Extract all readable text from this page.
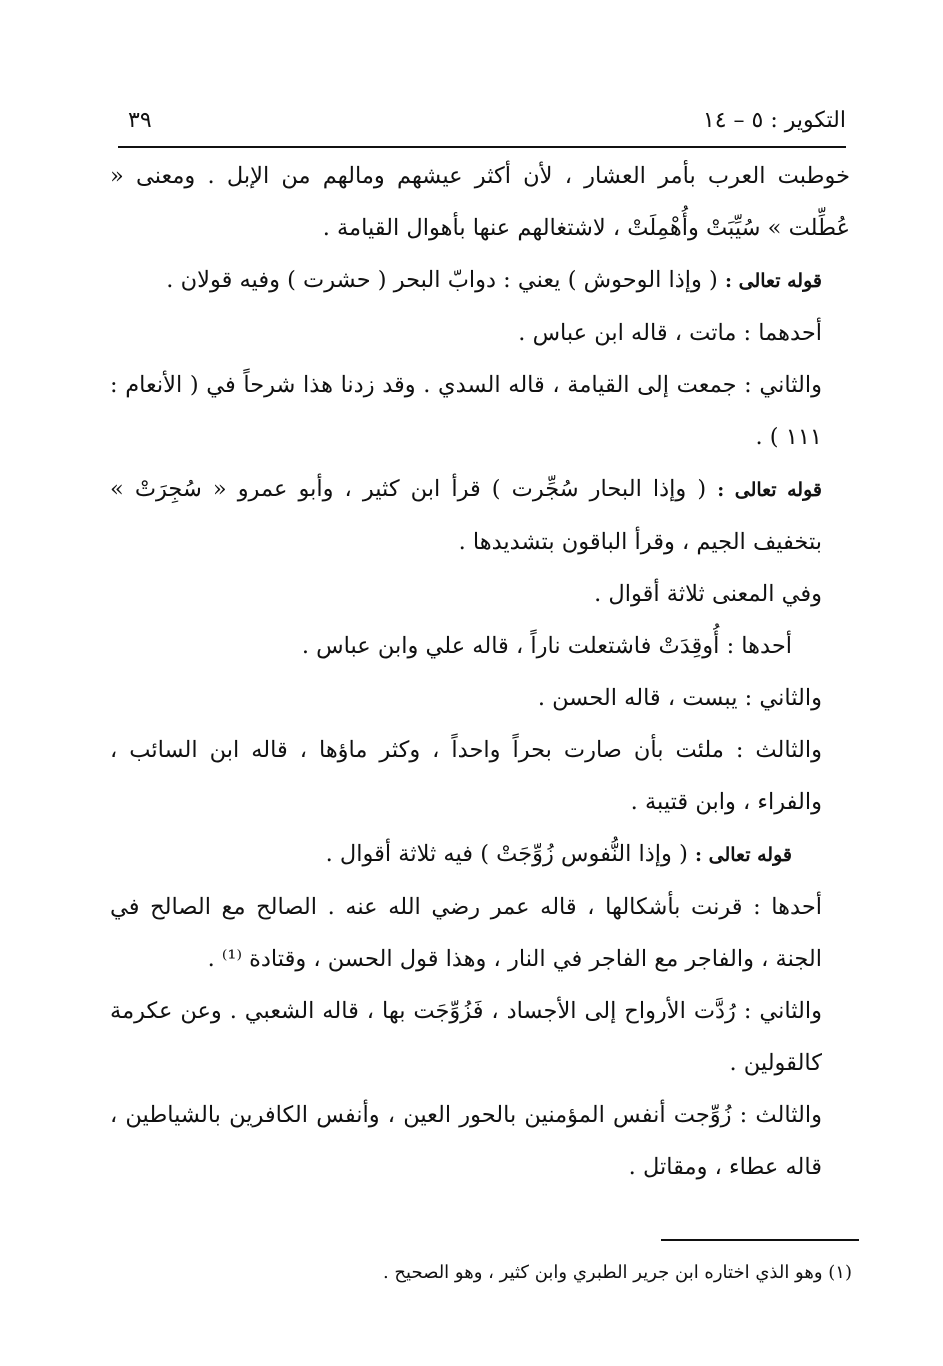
٣٩	التكوير : ٥ – ١٤

خوطبت العرب بأمر العشار ، لأن أكثر عيشهم ومالهم من الإبل . ومعنى « عُطِّلت » سُيِّبَتْ وأُهْمِلَتْ ، لاشتغالهم عنها بأهوال القيامة .

قوله تعالى : ( وإذا الوحوش ) يعني : دوابّ البحر ( حشرت ) وفيه قولان .

أحدهما : ماتت ، قاله ابن عباس .

والثاني : جمعت إلى القيامة ، قاله السدي . وقد زدنا هذا شرحاً في ( الأنعام : ١١١ ) .

قوله تعالى : ( وإذا البحار سُجِّرت ) قرأ ابن كثير ، وأبو عمرو « سُجِرَتْ » بتخفيف الجيم ، وقرأ الباقون بتشديدها .

وفي المعنى ثلاثة أقوال .

أحدها : أُوقِدَتْ فاشتعلت ناراً ، قاله علي وابن عباس .

والثاني : يبست ، قاله الحسن .

والثالث : ملئت بأن صارت بحراً واحداً ، وكثر ماؤها ، قاله ابن السائب ، والفراء ، وابن قتيبة .

قوله تعالى : ( وإذا النُّفوس زُوِّجَتْ ) فيه ثلاثة أقوال .

أحدها : قرنت بأشكالها ، قاله عمر رضي الله عنه . الصالح مع الصالح في الجنة ، والفاجر مع الفاجر في النار ، وهذا قول الحسن ، وقتادة ⁽¹⁾ .

والثاني : رُدَّت الأرواح إلى الأجساد ، فَزُوِّجَت بها ، قاله الشعبي . وعن عكرمة كالقولين .

والثالث : زُوِّجت أنفس المؤمنين بالحور العين ، وأنفس الكافرين بالشياطين ، قاله عطاء ، ومقاتل .

(١) وهو الذي اختاره ابن جرير الطبري وابن كثير ، وهو الصحيح .
